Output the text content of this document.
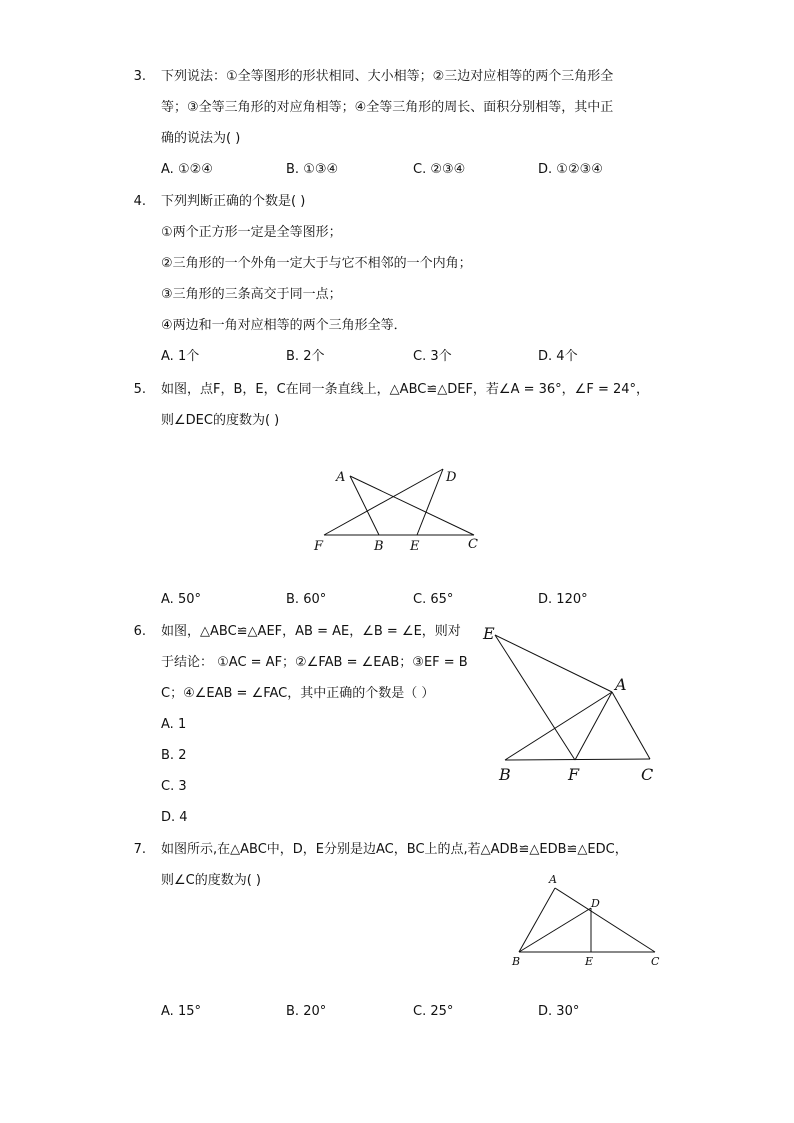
3. 下列说法：①全等图形的形状相同、大小相等；②三边对应相等的两个三角形全
等；③全等三角形的对应角相等；④全等三角形的周长、面积分别相等，其中正
确的说法为( )
A. ①②④	B. ①③④	C. ②③④	D. ①②③④
4. 下列判断正确的个数是( )
①两个正方形一定是全等图形；
②三角形的一个外角一定大于与它不相邻的一个内角；
③三角形的三条高交于同一点；
④两边和一角对应相等的两个三角形全等．
A. 1个	B. 2个	C. 3个	D. 4个
5. 如图，点F，B，E，C在同一条直线上，△ABC≌△DEF，若∠A = 36°，∠F = 24°，
则∠DEC的度数为( )
A	D
F	B E	C
A. 50°	B. 60°	C. 65°	D. 120°
6. 如图，△ABC≌△AEF，AB = AE，∠B = ∠E，则对
于结论： ①AC = AF；②∠FAB = ∠EAB；③EF = B
C；④∠EAB = ∠FAC，其中正确的个数是（ ）
A. 1
B. 2
C. 3
D. 4
E
A
B	F	C
7. 如图所示,在△ABC中，D，E分别是边AC，BC上的点,若△ADB≌△EDB≌△EDC，
则∠C的度数为( )	A
D
B	E	C
A. 15°	B. 20°	C. 25°	D. 30°
